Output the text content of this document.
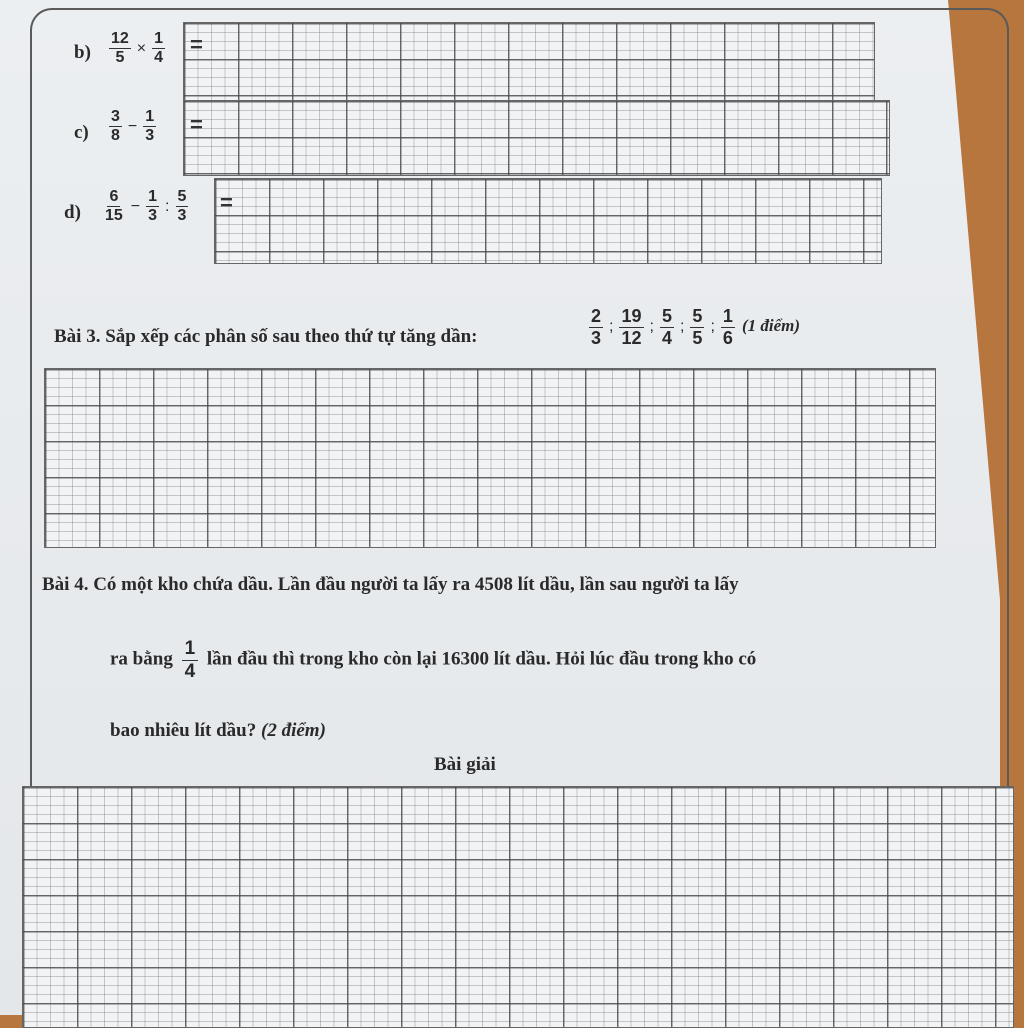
$b) \frac{12}{5} \times \frac{1}{4}$ =
$c) \frac{3}{8} - \frac{1}{3}$ =
$d) \frac{6}{15} - \frac{1}{3}$ : $\frac{5}{3}$ =
Bài 3. Sắp xếp các phân số sau theo thứ tự tăng dần:	$\frac{2}{3}$ ; $\frac{19}{12}$ ; $\frac{5}{4}$ ; $\frac{5}{5}$ ; $\frac{1}{6} (1$ điểm)
Bài 4. Có một kho chứa dầu. Lần đầu người ta lấy ra 4508 lít dầu, lần sau người ta lấy
ra bằng $\frac{1}{4}$ lần đầu thì trong kho còn lại 16300 lít dầu. Hỏi lúc đầu trong kho có
bao nhiêu lít dầu? (2 điểm)
Bài giải
